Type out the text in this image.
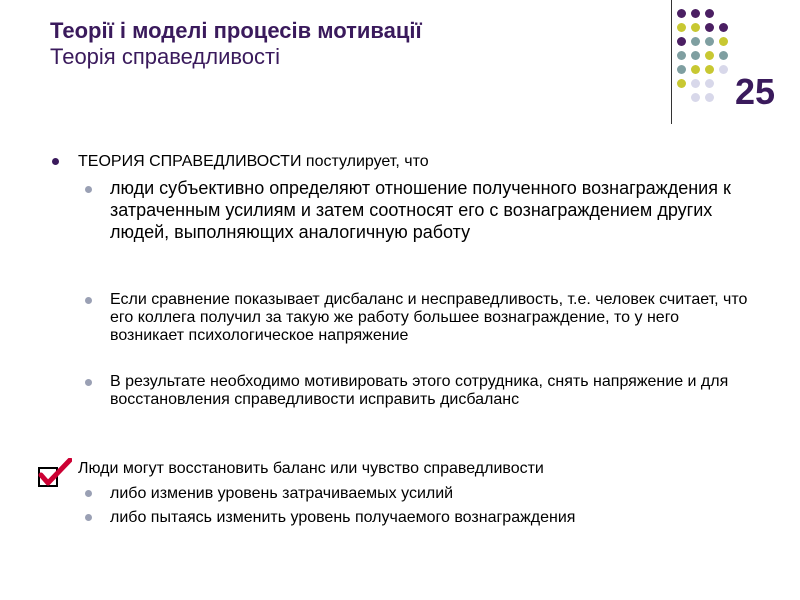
Теорії і моделі процесів мотивації
Теорія справедливості
25

ТЕОРИЯ СПРАВЕДЛИВОСТИ постулирует, что

люди субъективно определяют отношение полученного вознаграждения к затраченным усилиям и затем соотносят его с вознаграждением других людей, выполняющих аналогичную работу

Если сравнение показывает дисбаланс и несправедливость, т.е. человек считает, что его коллега получил за такую же работу большее вознаграждение, то у него возникает психологическое напряжение

В результате необходимо мотивировать этого сотрудника, снять напряжение и для восстановления справедливости исправить дисбаланс

Люди могут восстановить баланс или чувство справедливости

либо изменив уровень затрачиваемых усилий

либо пытаясь изменить уровень получаемого вознаграждения
